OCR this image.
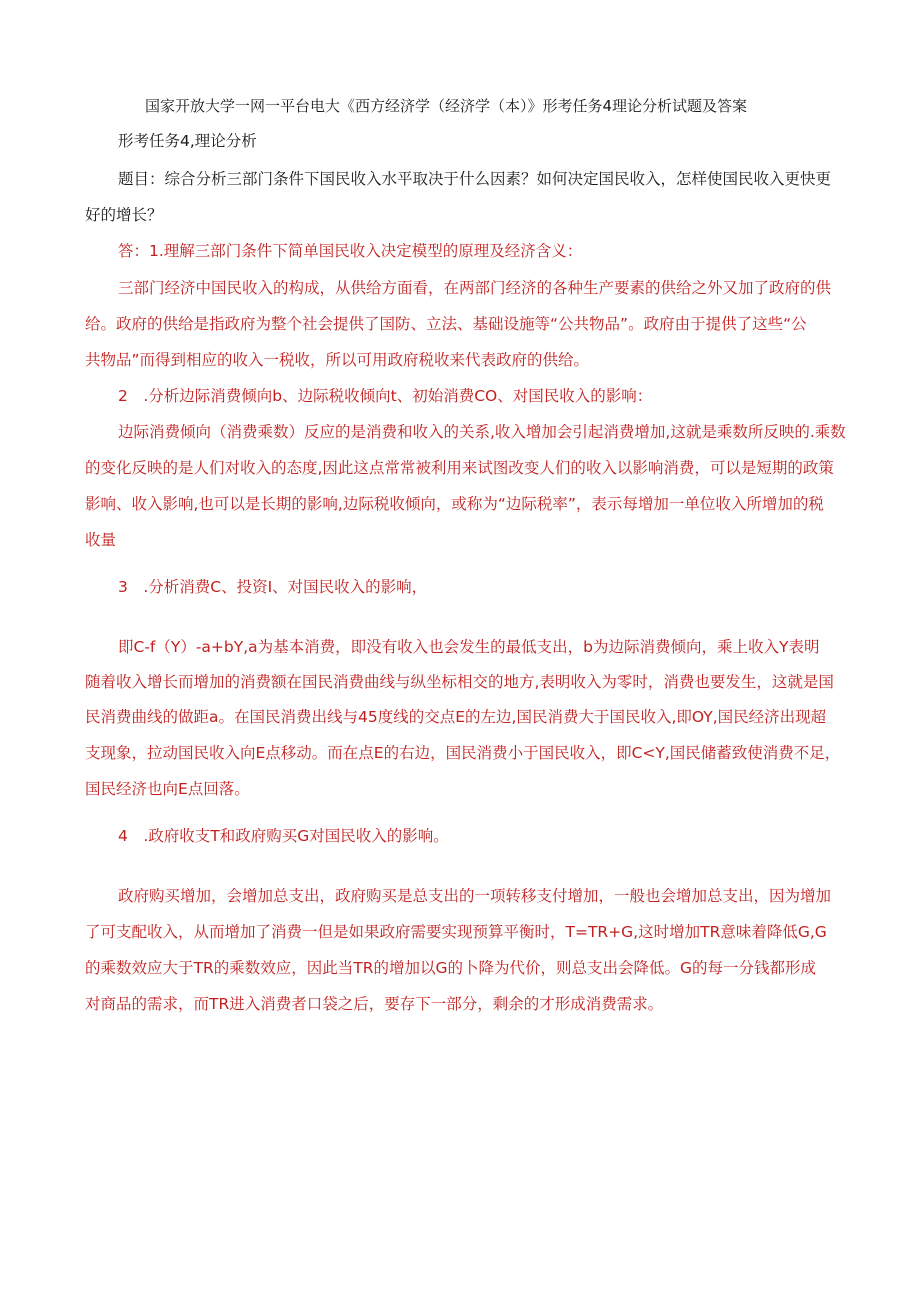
国家开放大学一网一平台电大《西方经济学（经济学（本）》形考任务4理论分析试题及答案
形考任务4,理论分析
题目：综合分析三部门条件下国民收入水平取决于什么因素？如何决定国民收入，怎样使国民收入更快更
好的增长？
答：1.理解三部门条件下简单国民收入决定模型的原理及经济含义：
三部门经济中国民收入的构成，从供给方面看，在两部门经济的各种生产要素的供给之外又加了政府的供
给。政府的供给是指政府为整个社会提供了国防、立法、基础设施等“公共物品”。政府由于提供了这些“公
共物品”而得到相应的收入一税收，所以可用政府税收来代表政府的供给。
2　.分析边际消费倾向b、边际税收倾向t、初始消费CO、对国民收入的影响：
边际消费倾向（消费乘数）反应的是消费和收入的关系,收入增加会引起消费增加,这就是乘数所反映的.乘数
的变化反映的是人们对收入的态度,因此这点常常被利用来试图改变人们的收入以影响消费，可以是短期的政策
影响、收入影响,也可以是长期的影响,边际税收倾向，或称为“边际税率”，表示每增加一单位收入所增加的税
收量
3　.分析消费C、投资I、对国民收入的影响，
即C-f（Y）-a+bY,a为基本消费，即没有收入也会发生的最低支出，b为边际消费倾向，乘上收入Y表明
随着收入增长而增加的消费额在国民消费曲线与纵坐标相交的地方,表明收入为零时，消费也要发生，这就是国
民消费曲线的做距a。在国民消费出线与45度线的交点E的左边,国民消费大于国民收入,即OY,国民经济出现超
支现象，拉动国民收入向E点移动。而在点E的右边，国民消费小于国民收入，即C<Y,国民储蓄致使消费不足，
国民经济也向E点回落。
4　.政府收支T和政府购买G对国民收入的影响。
政府购买增加，会增加总支出，政府购买是总支出的一项转移支付增加，一般也会增加总支出，因为增加
了可支配收入，从而增加了消费一但是如果政府需要实现预算平衡时，T=TR+G,这时增加TR意味着降低G,G
的乘数效应大于TR的乘数效应，因此当TR的增加以G的卜降为代价，则总支出会降低。G的每一分钱都形成
对商品的需求，而TR进入消费者口袋之后，要存下一部分，剩余的才形成消费需求。
